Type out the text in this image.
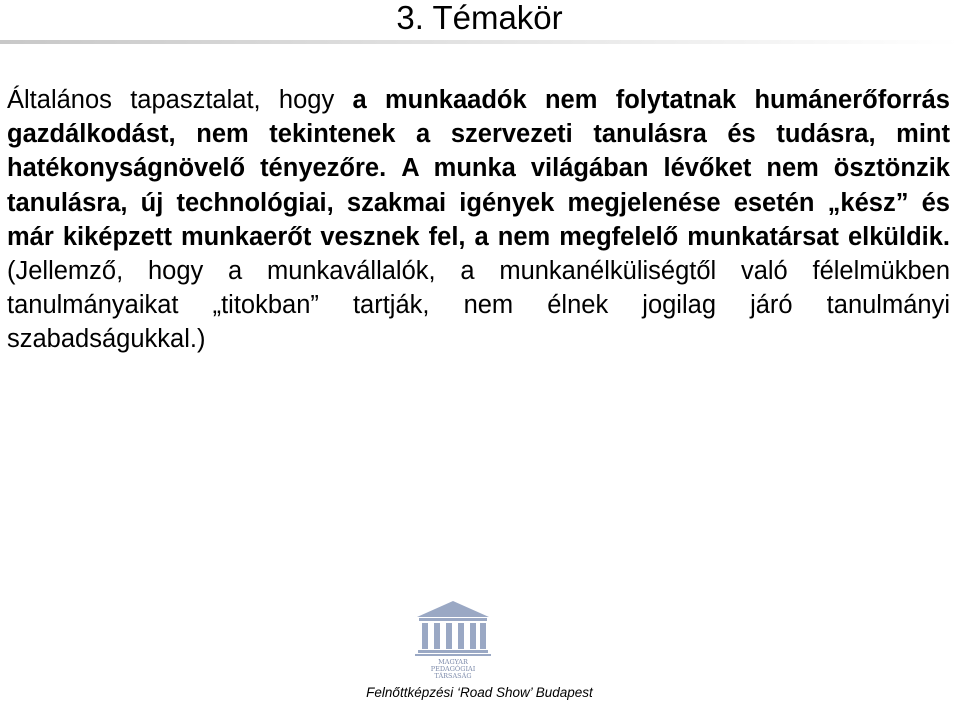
3. Témakör

Általános tapasztalat, hogy a munkaadók nem folytatnak humánerőforrás gazdálkodást, nem tekintenek a szervezeti tanulásra és tudásra, mint hatékonyságnövelő tényezőre. A munka világában lévőket nem ösztönzik tanulásra, új technológiai, szakmai igények megjelenése esetén „kész” és már kiképzett munkaerőt vesznek fel, a nem megfelelő munkatársat elküldik. (Jellemző, hogy a munkavállalók, a munkanélküliségtől való félelmükben tanulmányaikat „titokban” tartják, nem élnek jogilag járó tanulmányi szabadságukkal.)

MAGYAR
PEDAGÓGIAI
TÁRSASÁG
Felnőttképzési ‘Road Show’ Budapest
